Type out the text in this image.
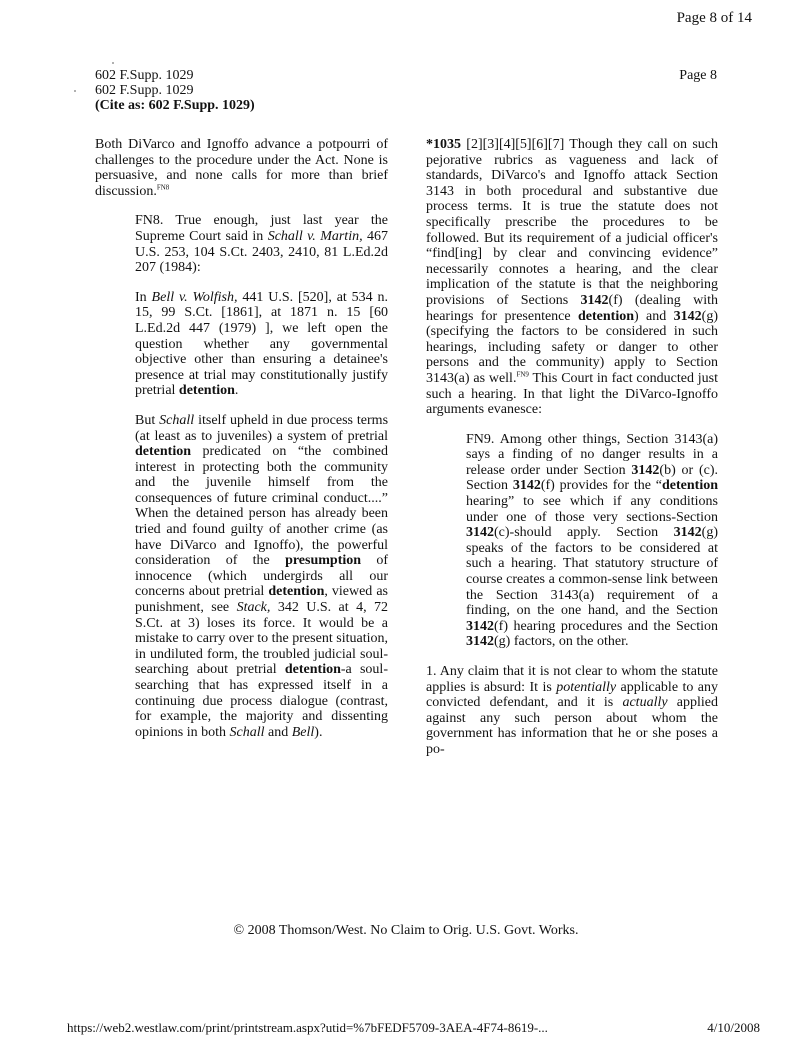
Page 8 of 14
602 F.Supp. 1029
602 F.Supp. 1029
(Cite as: 602 F.Supp. 1029)
Page 8

Both DiVarco and Ignoffo advance a potpourri of challenges to the procedure under the Act. None is persuasive, and none calls for more than brief discussion.$^{FN8}$

FN8. True enough, just last year the Supreme Court said in Schall v. Martin, 467 U.S. 253, 104 S.Ct. 2403, 2410, 81 L.Ed.2d 207 (1984):

In Bell v. Wolfish, 441 U.S. [520], at 534 n. 15, 99 S.Ct. [1861], at 1871 n. 15 [60 L.Ed.2d 447 (1979) ], we left open the question whether any governmental objective other than ensuring a detainee's presence at trial may constitutionally justify pretrial detention.

But Schall itself upheld in due process terms (at least as to juveniles) a system of pretrial detention predicated on “the combined interest in protecting both the community and the juvenile himself from the consequences of future criminal conduct....” When the detained person has already been tried and found guilty of another crime (as have DiVarco and Ignoffo), the powerful consideration of the presumption of innocence (which undergirds all our concerns about pretrial detention, viewed as punishment, see Stack, 342 U.S. at 4, 72 S.Ct. at 3) loses its force. It would be a mistake to carry over to the present situation, in undiluted form, the troubled judicial soul-searching about pretrial detention-a soul-searching that has expressed itself in a continuing due process dialogue (contrast, for example, the majority and dissenting opinions in both Schall and Bell).

*1035 [2][3][4][5][6][7] Though they call on such pejorative rubrics as vagueness and lack of standards, DiVarco's and Ignoffo attack Section 3143 in both procedural and substantive due process terms. It is true the statute does not specifically prescribe the procedures to be followed. But its requirement of a judicial officer's “find[ing] by clear and convincing evidence” necessarily connotes a hearing, and the clear implication of the statute is that the neighboring provisions of Sections 3142(f) (dealing with hearings for presentence detention) and 3142(g) (specifying the factors to be considered in such hearings, including safety or danger to other persons and the community) apply to Section 3143(a) as well.$^{FN9}$ This Court in fact conducted just such a hearing. In that light the DiVarco-Ignoffo arguments evanesce:

FN9. Among other things, Section 3143(a) says a finding of no danger results in a release order under Section 3142(b) or (c). Section 3142(f) provides for the “detention hearing” to see which if any conditions under one of those very sections-Section 3142(c)-should apply. Section 3142(g) speaks of the factors to be considered at such a hearing. That statutory structure of course creates a common-sense link between the Section 3143(a) requirement of a finding, on the one hand, and the Section 3142(f) hearing procedures and the Section 3142(g) factors, on the other.

1. Any claim that it is not clear to whom the statute applies is absurd: It is potentially applicable to any convicted defendant, and it is actually applied against any such person about whom the government has information that he or she poses a po-

© 2008 Thomson/West. No Claim to Orig. U.S. Govt. Works.
https://web2.westlaw.com/print/printstream.aspx?utid=%7bFEDF5709-3AEA-4F74-8619-...	4/10/2008
